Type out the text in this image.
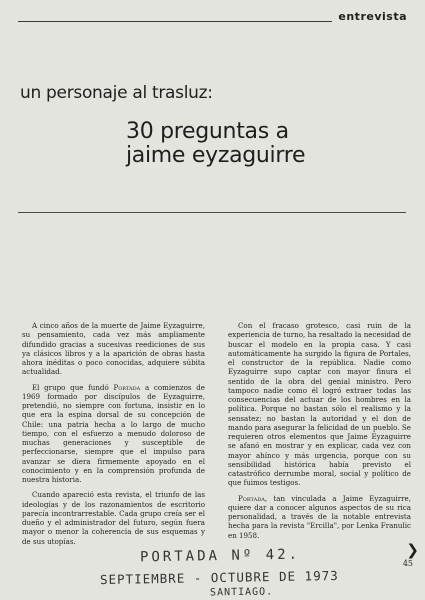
entrevista
un personaje al trasluz:
30 preguntas a
jaime eyzaguirre

A cinco años de la muerte de Jaime Eyzaguirre, su pensamiento, cada vez más ampliamente difundido gracias a sucesivas reediciones de sus ya clásicos libros y a la aparición de obras hasta ahora inéditas o poco conocidas, adquiere súbita actualidad.

El grupo que fundó Portada a comienzos de 1969 formado por discípulos de Eyzaguirre, pretendió, no siempre con fortuna, insistir en lo que era la espina dorsal de su concepción de Chile: una patria hecha a lo largo de mucho tiempo, con el esfuerzo a menudo doloroso de muchas generaciones y susceptible de perfeccionarse, siempre que el impulso para avanzar se diera firmemente apoyado en el conocimiento y en la comprensión profunda de nuestra historia.

Cuando apareció esta revista, el triunfo de las ideologías y de los razonamientos de escritorio parecía incontrarrestable. Cada grupo creía ser el dueño y el administrador del futuro, según fuera mayor o menor la coherencia de sus esquemas y de sus utopías.

Con el fracaso grotesco, casi ruin de la experiencia de turno, ha resaltado la necesidad de buscar el modelo en la propia casa. Y casi automáticamente ha surgido la figura de Portales, el constructor de la república. Nadie como Eyzaguirre supo captar con mayor finura el sentido de la obra del genial ministro. Pero tampoco nadie como él logró extraer todas las consecuencias del actuar de los hombres en la política. Porque no bastan sólo el realismo y la sensatez; no bastan la autoridad y el don de mando para asegurar la felicidad de un pueblo. Se requieren otros elementos que Jaime Eyzaguirre se afanó en mostrar y en explicar, cada vez con mayor ahínco y más urgencia, porque con su sensibilidad histórica había previsto el catastrófico derrumbe moral, social y político de que fuimos testigos.

Portada, tan vinculada a Jaime Eyzaguirre, quiere dar a conocer algunos aspectos de su rica personalidad, a través de la notable entrevista hecha para la revista "Ercilla", por Lenka Franulic en 1958.

❯
45
PORTADA Nº 42.
SEPTIEMBRE - OCTUBRE DE 1973
SANTIAGO.
